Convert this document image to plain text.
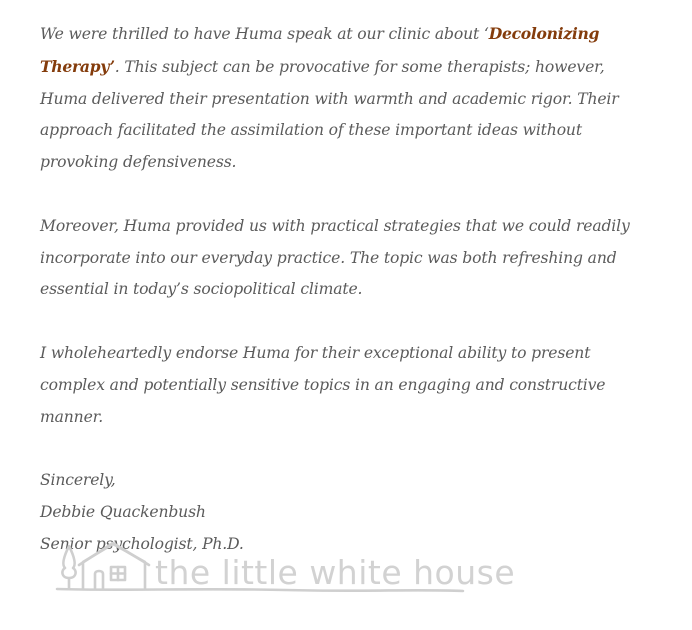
We were thrilled to have Huma speak at our clinic about ‘Decolonizing Therapy’. This subject can be provocative for some therapists; however, Huma delivered their presentation with warmth and academic rigor. Their approach facilitated the assimilation of these important ideas without provoking defensiveness.

Moreover, Huma provided us with practical strategies that we could readily incorporate into our everyday practice. The topic was both refreshing and essential in today’s sociopolitical climate.

I wholeheartedly endorse Huma for their exceptional ability to present complex and potentially sensitive topics in an engaging and constructive manner.

Sincerely,
Debbie Quackenbush
Senior psychologist, Ph.D.
the little white house
